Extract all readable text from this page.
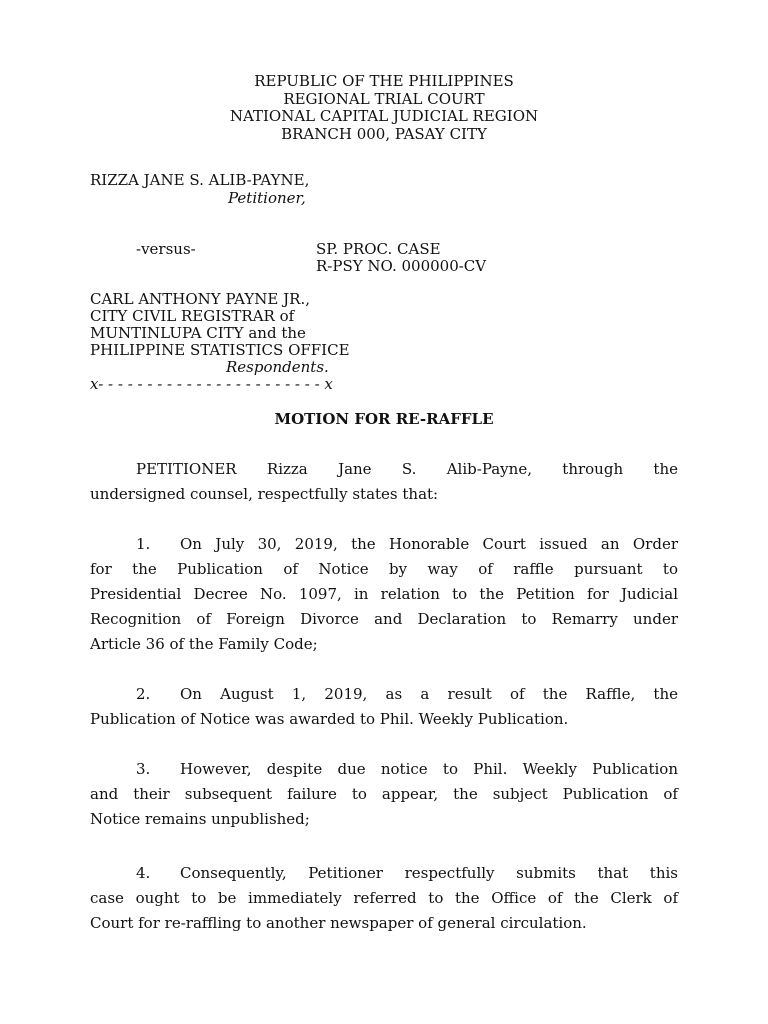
REPUBLIC OF THE PHILIPPINES
REGIONAL TRIAL COURT
NATIONAL CAPITAL JUDICIAL REGION
BRANCH 000, PASAY CITY
RIZZA JANE S. ALIB-PAYNE,
Petitioner,
-versus-	SP. PROC. CASE
R-PSY NO. 000000-CV
CARL ANTHONY PAYNE JR.,
CITY CIVIL REGISTRAR of
MUNTINLUPA CITY and the
PHILIPPINE STATISTICS OFFICE
Respondents.
x- - - - - - - - - - - - - - - - - - - - - - - x
MOTION FOR RE-RAFFLE
PETITIONER Rizza Jane S. Alib-Payne, through the
undersigned counsel, respectfully states that:
1. On July 30, 2019, the Honorable Court issued an Order
for the Publication of Notice by way of raffle pursuant to
Presidential Decree No. 1097, in relation to the Petition for Judicial
Recognition of Foreign Divorce and Declaration to Remarry under
Article 36 of the Family Code;
2. On August 1, 2019, as a result of the Raffle, the
Publication of Notice was awarded to Phil. Weekly Publication.
3. However, despite due notice to Phil. Weekly Publication
and their subsequent failure to appear, the subject Publication of
Notice remains unpublished;
4. Consequently, Petitioner respectfully submits that this
case ought to be immediately referred to the Office of the Clerk of
Court for re-raffling to another newspaper of general circulation.
